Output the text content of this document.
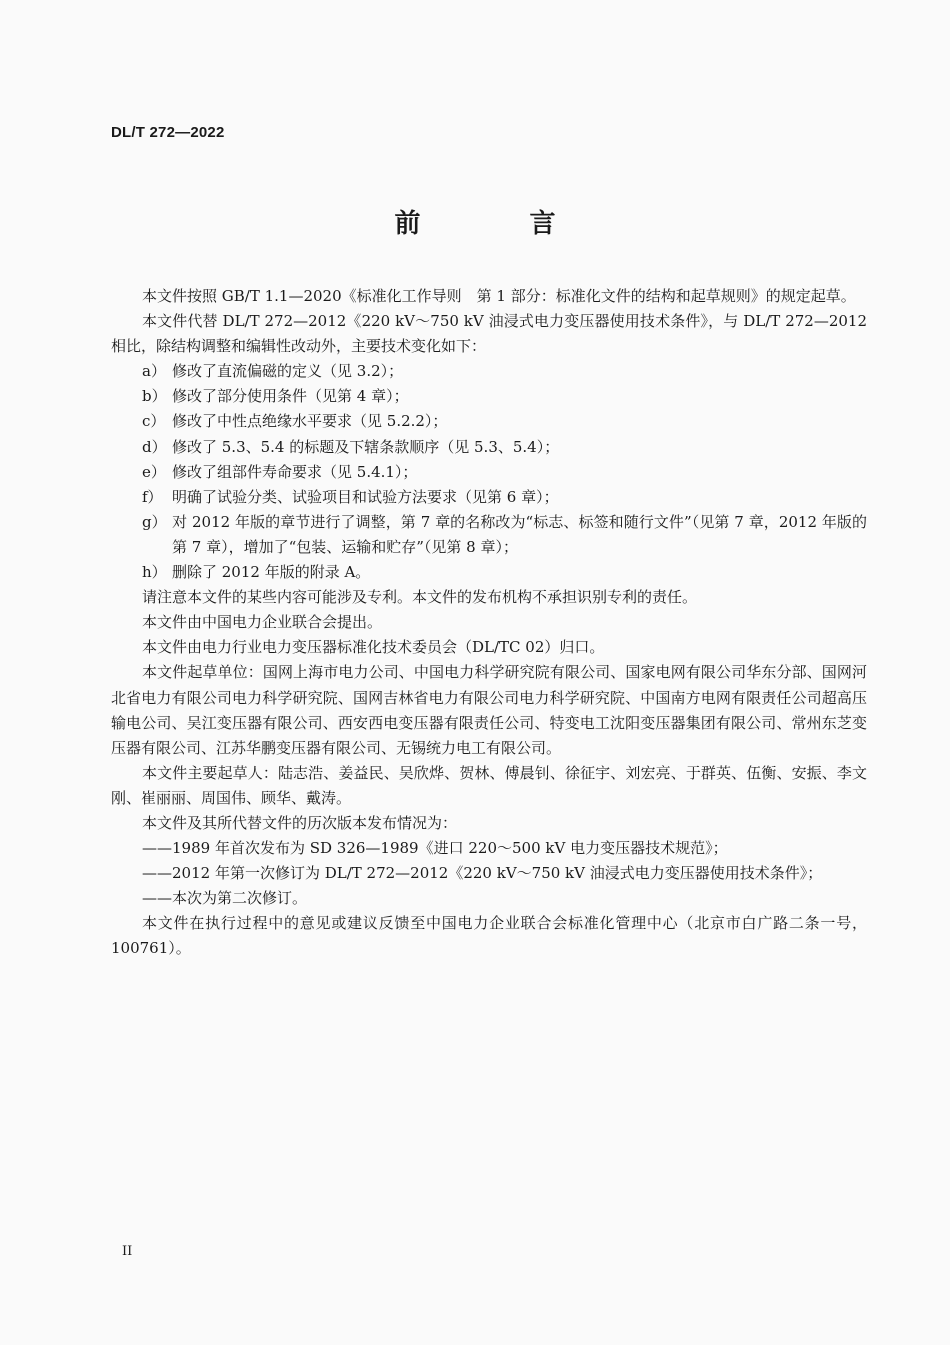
DL/T 272—2022
前 言

本文件按照 GB/T 1.1—2020《标准化工作导则　第 1 部分：标准化文件的结构和起草规则》的规定起草。

本文件代替 DL/T 272—2012《220 kV～750 kV 油浸式电力变压器使用技术条件》，与 DL/T 272—2012 相比，除结构调整和编辑性改动外，主要技术变化如下：

a） 修改了直流偏磁的定义（见 3.2）；

b） 修改了部分使用条件（见第 4 章）；

c） 修改了中性点绝缘水平要求（见 5.2.2）；

d） 修改了 5.3、5.4 的标题及下辖条款顺序（见 5.3、5.4）；

e） 修改了组部件寿命要求（见 5.4.1）；

f） 明确了试验分类、试验项目和试验方法要求（见第 6 章）；

g） 对 2012 年版的章节进行了调整，第 7 章的名称改为“标志、标签和随行文件”（见第 7 章，2012 年版的第 7 章），增加了“包装、运输和贮存”（见第 8 章）；

h） 删除了 2012 年版的附录 A。

请注意本文件的某些内容可能涉及专利。本文件的发布机构不承担识别专利的责任。

本文件由中国电力企业联合会提出。

本文件由电力行业电力变压器标准化技术委员会（DL/TC 02）归口。

本文件起草单位：国网上海市电力公司、中国电力科学研究院有限公司、国家电网有限公司华东分部、国网河北省电力有限公司电力科学研究院、国网吉林省电力有限公司电力科学研究院、中国南方电网有限责任公司超高压输电公司、吴江变压器有限公司、西安西电变压器有限责任公司、特变电工沈阳变压器集团有限公司、常州东芝变压器有限公司、江苏华鹏变压器有限公司、无锡统力电工有限公司。

本文件主要起草人：陆志浩、姜益民、吴欣烨、贺林、傅晨钊、徐征宇、刘宏亮、于群英、伍衡、安振、李文刚、崔丽丽、周国伟、顾华、戴涛。

本文件及其所代替文件的历次版本发布情况为：

——1989 年首次发布为 SD 326—1989《进口 220～500 kV 电力变压器技术规范》；

——2012 年第一次修订为 DL/T 272—2012《220 kV～750 kV 油浸式电力变压器使用技术条件》；

——本次为第二次修订。

本文件在执行过程中的意见或建议反馈至中国电力企业联合会标准化管理中心（北京市白广路二条一号，100761）。

II
